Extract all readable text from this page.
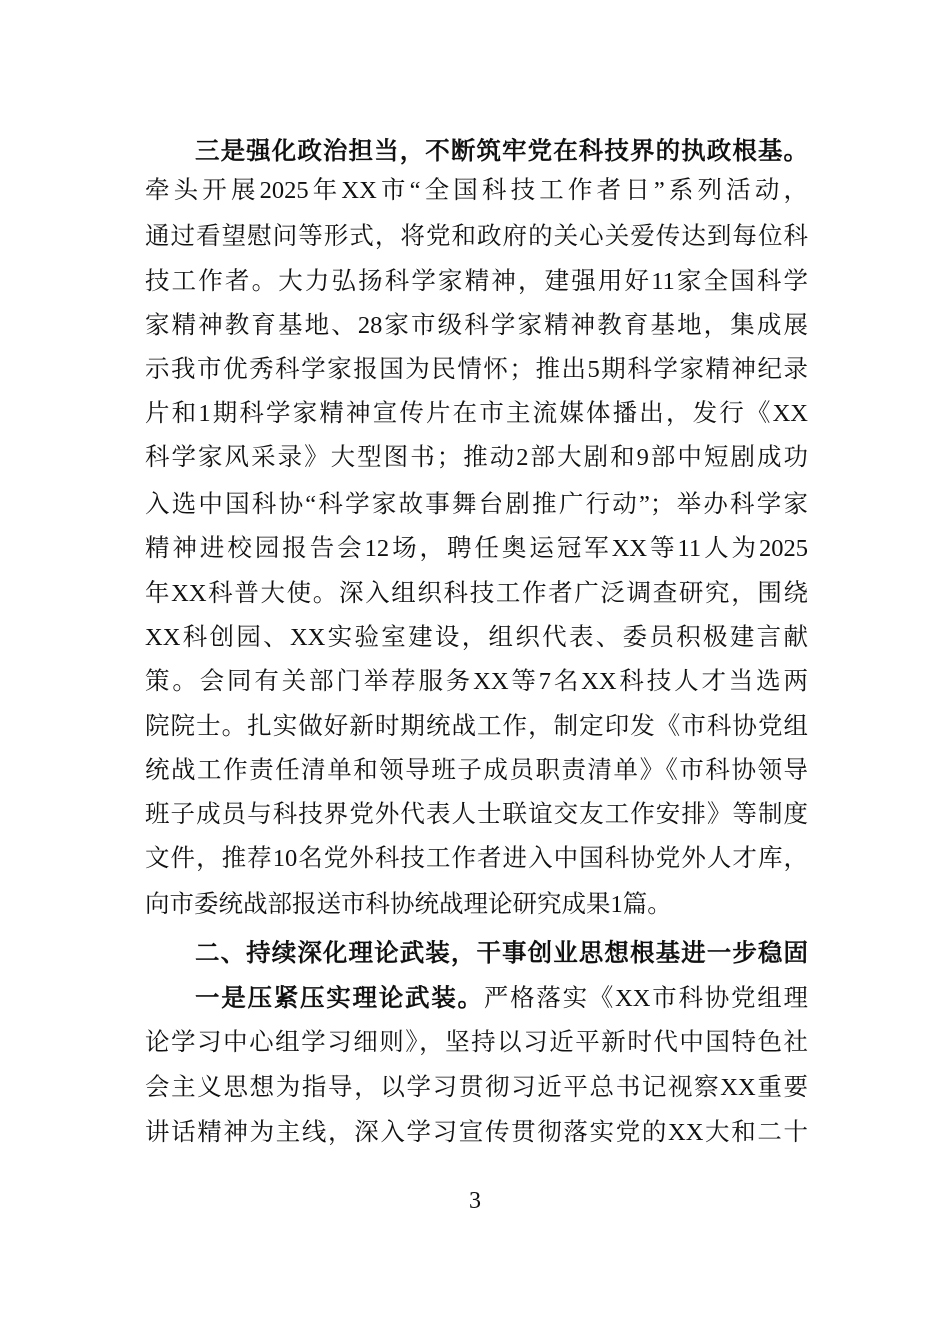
三是强化政治担当，不断筑牢党在科技界的执政根基。
牵头开展2025年XX市“全国科技工作者日”系列活动，
通过看望慰问等形式，将党和政府的关心关爱传达到每位科
技工作者。大力弘扬科学家精神，建强用好11家全国科学
家精神教育基地、28家市级科学家精神教育基地，集成展
示我市优秀科学家报国为民情怀；推出5期科学家精神纪录
片和1期科学家精神宣传片在市主流媒体播出，发行《XX
科学家风采录》大型图书；推动2部大剧和9部中短剧成功
入选中国科协“科学家故事舞台剧推广行动”；举办科学家
精神进校园报告会12场，聘任奥运冠军XX等11人为2025
年XX科普大使。深入组织科技工作者广泛调查研究，围绕
XX科创园、XX实验室建设，组织代表、委员积极建言献
策。会同有关部门举荐服务XX等7名XX科技人才当选两
院院士。扎实做好新时期统战工作，制定印发《市科协党组
统战工作责任清单和领导班子成员职责清单》《市科协领导
班子成员与科技界党外代表人士联谊交友工作安排》等制度
文件，推荐10名党外科技工作者进入中国科协党外人才库，
向市委统战部报送市科协统战理论研究成果1篇。
二、持续深化理论武装，干事创业思想根基进一步稳固
一是压紧压实理论武装。严格落实《XX市科协党组理
论学习中心组学习细则》，坚持以习近平新时代中国特色社
会主义思想为指导，以学习贯彻习近平总书记视察XX重要
讲话精神为主线，深入学习宣传贯彻落实党的XX大和二十
3
